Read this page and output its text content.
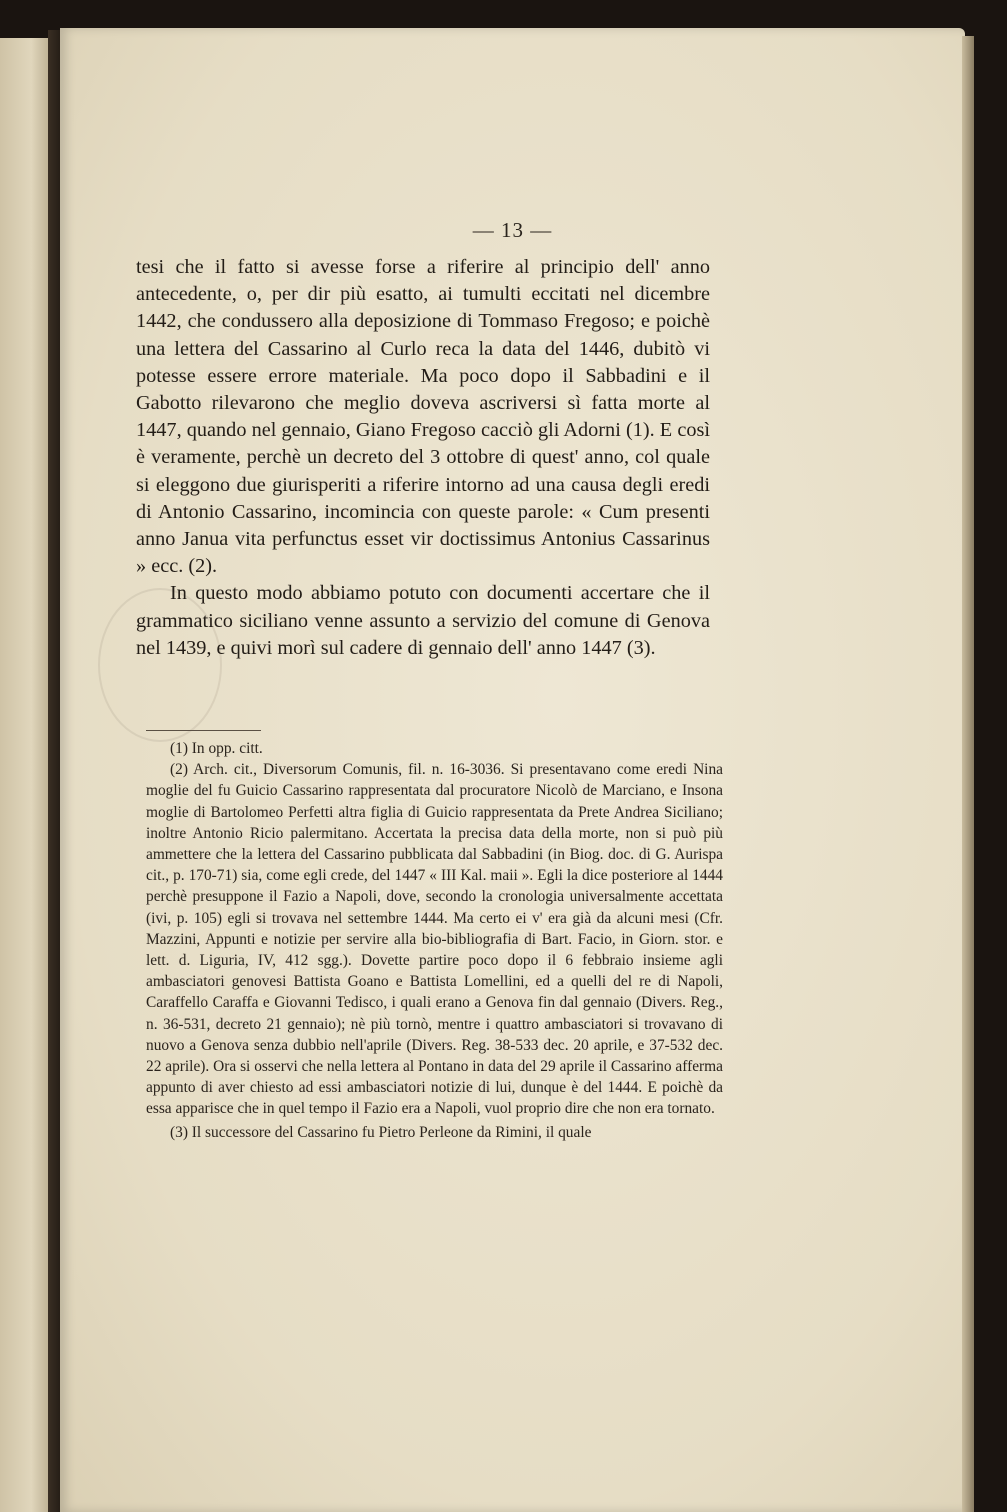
— 13 —

tesi che il fatto si avesse forse a riferire al principio dell' anno antecedente, o, per dir più esatto, ai tumulti eccitati nel dicembre 1442, che condussero alla deposizione di Tommaso Fregoso; e poichè una lettera del Cassarino al Curlo reca la data del 1446, dubitò vi potesse essere errore materiale. Ma poco dopo il Sabbadini e il Gabotto rilevarono che meglio doveva ascriversi sì fatta morte al 1447, quando nel gennaio, Giano Fregoso cacciò gli Adorni (1). E così è veramente, perchè un decreto del 3 ottobre di quest' anno, col quale si eleggono due giurisperiti a riferire intorno ad una causa degli eredi di Antonio Cassarino, incomincia con queste parole: « Cum presenti anno Janua vita perfunctus esset vir doctissimus Antonius Cassarinus » ecc. (2).

In questo modo abbiamo potuto con documenti accertare che il grammatico siciliano venne assunto a servizio del comune di Genova nel 1439, e quivi morì sul cadere di gennaio dell' anno 1447 (3).

(1) In opp. citt.

(2) Arch. cit., Diversorum Comunis, fil. n. 16-3036. Si presentavano come eredi Nina moglie del fu Guicio Cassarino rappresentata dal procuratore Nicolò de Marciano, e Insona moglie di Bartolomeo Perfetti altra figlia di Guicio rappresentata da Prete Andrea Siciliano; inoltre Antonio Ricio palermitano. Accertata la precisa data della morte, non si può più ammettere che la lettera del Cassarino pubblicata dal Sabbadini (in Biog. doc. di G. Aurispa cit., p. 170-71) sia, come egli crede, del 1447 « III Kal. maii ». Egli la dice posteriore al 1444 perchè presuppone il Fazio a Napoli, dove, secondo la cronologia universalmente accettata (ivi, p. 105) egli si trovava nel settembre 1444. Ma certo ei v' era già da alcuni mesi (Cfr. Mazzini, Appunti e notizie per servire alla bio-bibliografia di Bart. Facio, in Giorn. stor. e lett. d. Liguria, IV, 412 sgg.). Dovette partire poco dopo il 6 febbraio insieme agli ambasciatori genovesi Battista Goano e Battista Lomellini, ed a quelli del re di Napoli, Caraffello Caraffa e Giovanni Tedisco, i quali erano a Genova fin dal gennaio (Divers. Reg., n. 36-531, decreto 21 gennaio); nè più tornò, mentre i quattro ambasciatori si trovavano di nuovo a Genova senza dubbio nell'aprile (Divers. Reg. 38-533 dec. 20 aprile, e 37-532 dec. 22 aprile). Ora si osservi che nella lettera al Pontano in data del 29 aprile il Cassarino afferma appunto di aver chiesto ad essi ambasciatori notizie di lui, dunque è del 1444. E poichè da essa apparisce che in quel tempo il Fazio era a Napoli, vuol proprio dire che non era tornato.

(3) Il successore del Cassarino fu Pietro Perleone da Rimini, il quale
